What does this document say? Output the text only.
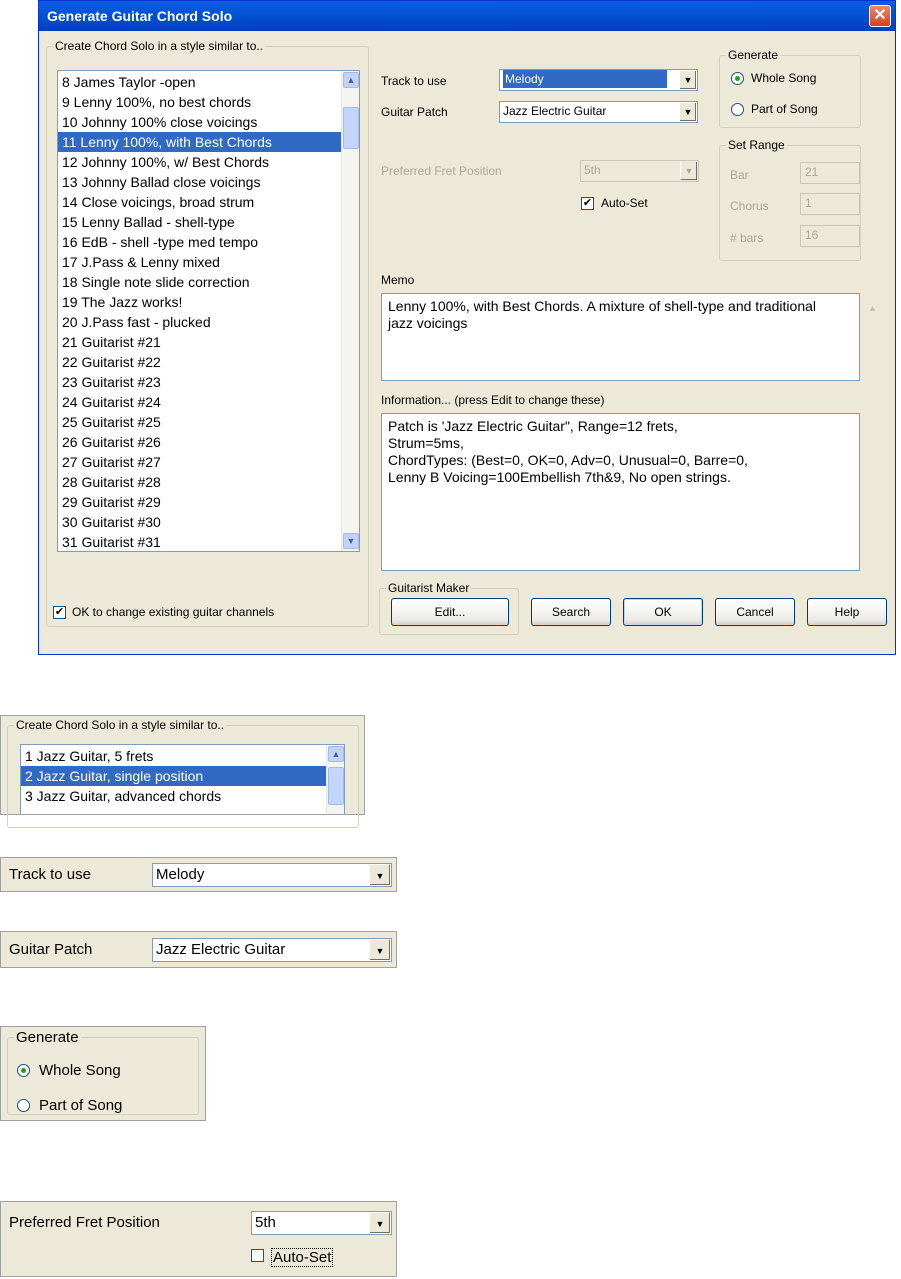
Generate Guitar Chord Solo	✕
Create Chord Solo in a style similar to..
8 James Taylor -open
9 Lenny 100%, no best chords
10 Johnny 100% close voicings
11 Lenny 100%, with Best Chords
12 Johnny 100%, w/ Best Chords
13 Johnny Ballad close voicings
14 Close voicings, broad strum
15 Lenny Ballad - shell-type
16 EdB - shell -type med tempo
17 J.Pass & Lenny mixed
18 Single note slide correction
19 The Jazz works!
20 J.Pass fast - plucked
21 Guitarist #21
22 Guitarist #22
23 Guitarist #23
24 Guitarist #24
25 Guitarist #25
26 Guitarist #26
27 Guitarist #27
28 Guitarist #28
29 Guitarist #29
30 Guitarist #30
31 Guitarist #31
▲
▼
✔ OK to change existing guitar channels
Track to use	Melody	▼
Guitar Patch	Jazz Electric Guitar	▼
Preferred Fret Position	5th	▼
✔ Auto-Set
Generate
Whole Song
Part of Song
Set Range
Bar	21
Chorus	1
# bars	16
Memo
Lenny 100%, with Best Chords. A mixture of shell-type and traditional jazz voicings
▲
Information... (press Edit to change these)
Patch is 'Jazz Electric Guitar", Range=12 frets,
Strum=5ms,
ChordTypes: (Best=0, OK=0, Adv=0, Unusual=0, Barre=0,
Lenny B Voicing=100Embellish 7th&9, No open strings.
Guitarist Maker
Edit...	Search	OK	Cancel	Help
Create Chord Solo in a style similar to..
1 Jazz Guitar, 5 frets
2 Jazz Guitar, single position
3 Jazz Guitar, advanced chords
▲
Track to use	Melody	▼
Guitar Patch	Jazz Electric Guitar	▼
Generate
Whole Song
Part of Song
Preferred Fret Position	5th	▼
Auto-Set
